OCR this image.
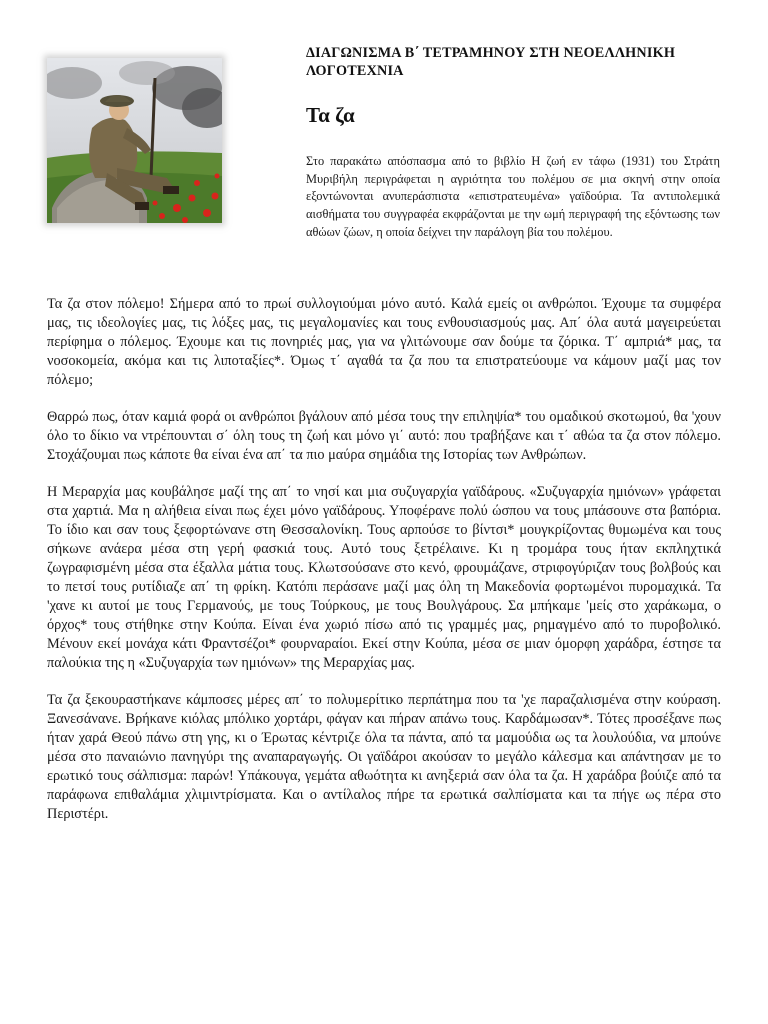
ΔΙΑΓΩΝΙΣΜΑ Β΄ ΤΕΤΡΑΜΗΝΟΥ ΣΤΗ ΝΕΟΕΛΛΗΝΙΚΗ ΛΟΓΟΤΕΧΝΙΑ
Τα ζα
Στο παρακάτω απόσπασμα από το βιβλίο Η ζωή εν τάφω (1931) του Στράτη Μυριβήλη περιγράφεται η αγριότητα του πολέμου σε μια σκηνή στην οποία εξοντώνονται ανυπεράσπιστα «επιστρατευμένα» γαϊδούρια. Τα αντιπολεμικά αισθήματα του συγγραφέα εκφράζονται με την ωμή περιγραφή της εξόντωσης των αθώων ζώων, η οποία δείχνει την παράλογη βία του πολέμου.

Τα ζα στον πόλεμο! Σήμερα από το πρωί συλλογιούμαι μόνο αυτό. Καλά εμείς οι ανθρώποι. Έχουμε τα συμφέρα μας, τις ιδεολογίες μας, τις λόξες μας, τις μεγαλομανίες και τους ενθουσιασμούς μας. Απ΄ όλα αυτά μαγειρεύεται περίφημα ο πόλεμος. Έχουμε και τις πονηριές μας, για να γλιτώνουμε σαν δούμε τα ζόρικα. Τ΄ αμπριά* μας, τα νοσοκομεία, ακόμα και τις λιποταξίες*. Όμως τ΄ αγαθά τα ζα που τα επιστρατεύουμε να κάμουν μαζί μας τον πόλεμο;

Θαρρώ πως, όταν καμιά φορά οι ανθρώποι βγάλουν από μέσα τους την επιληψία* του ομαδικού σκοτωμού, θα 'χουν όλο το δίκιο να ντρέπουνται σ΄ όλη τους τη ζωή και μόνο γι΄ αυτό: που τραβήξανε και τ΄ αθώα τα ζα στον πόλεμο. Στοχάζουμαι πως κάποτε θα είναι ένα απ΄ τα πιο μαύρα σημάδια της Ιστορίας των Ανθρώπων.

Η Μεραρχία μας κουβάλησε μαζί της απ΄ το νησί και μια συζυγαρχία γαϊδάρους. «Συζυγαρχία ημιόνων» γράφεται στα χαρτιά. Μα η αλήθεια είναι πως έχει μόνο γαϊδάρους. Υποφέρανε πολύ ώσπου να τους μπάσουνε στα βαπόρια. Το ίδιο και σαν τους ξεφορτώνανε στη Θεσσαλονίκη. Τους αρπούσε το βίντσι* μουγκρίζοντας θυμωμένα και τους σήκωνε ανάερα μέσα στη γερή φασκιά τους. Αυτό τους ξετρέλαινε. Κι η τρομάρα τους ήταν εκπληχτικά ζωγραφισμένη μέσα στα έξαλλα μάτια τους. Κλωτσούσανε στο κενό, φρουμάζανε, στριφογύριζαν τους βολβούς και το πετσί τους ρυτίδιαζε απ΄ τη φρίκη. Κατόπι περάσανε μαζί μας όλη τη Μακεδονία φορτωμένοι πυρομαχικά. Τα 'χανε κι αυτοί με τους Γερμανούς, με τους Τούρκους, με τους Βουλγάρους. Σα μπήκαμε 'μείς στο χαράκωμα, ο όρχος* τους στήθηκε στην Κούπα. Είναι ένα χωριό πίσω από τις γραμμές μας, ρημαγμένο από το πυροβολικό. Μένουν εκεί μονάχα κάτι Φραντσέζοι* φουρναραίοι. Εκεί στην Κούπα, μέσα σε μιαν όμορφη χαράδρα, έστησε τα παλούκια της η «Συζυγαρχία των ημιόνων» της Μεραρχίας μας.

Τα ζα ξεκουραστήκανε κάμποσες μέρες απ΄ το πολυμερίτικο περπάτημα που τα 'χε παραζαλισμένα στην κούραση. Ξανεσάνανε. Βρήκανε κιόλας μπόλικο χορτάρι, φάγαν και πήραν απάνω τους. Καρδάμωσαν*. Τότες προσέξανε πως ήταν χαρά Θεού πάνω στη γης, κι ο Έρωτας κέντριζε όλα τα πάντα, από τα μαμούδια ως τα λουλούδια, να μπούνε μέσα στο παναιώνιο πανηγύρι της αναπαραγωγής. Οι γαϊδάροι ακούσαν το μεγάλο κάλεσμα και απάντησαν με το ερωτικό τους σάλπισμα: παρών! Υπάκουγα, γεμάτα αθωότητα κι ανηξεριά σαν όλα τα ζα. Η χαράδρα βούιζε από τα παράφωνα επιθαλάμια χλιμιντρίσματα. Και ο αντίλαλος πήρε τα ερωτικά σαλπίσματα και τα πήγε ως πέρα στο Περιστέρι.
